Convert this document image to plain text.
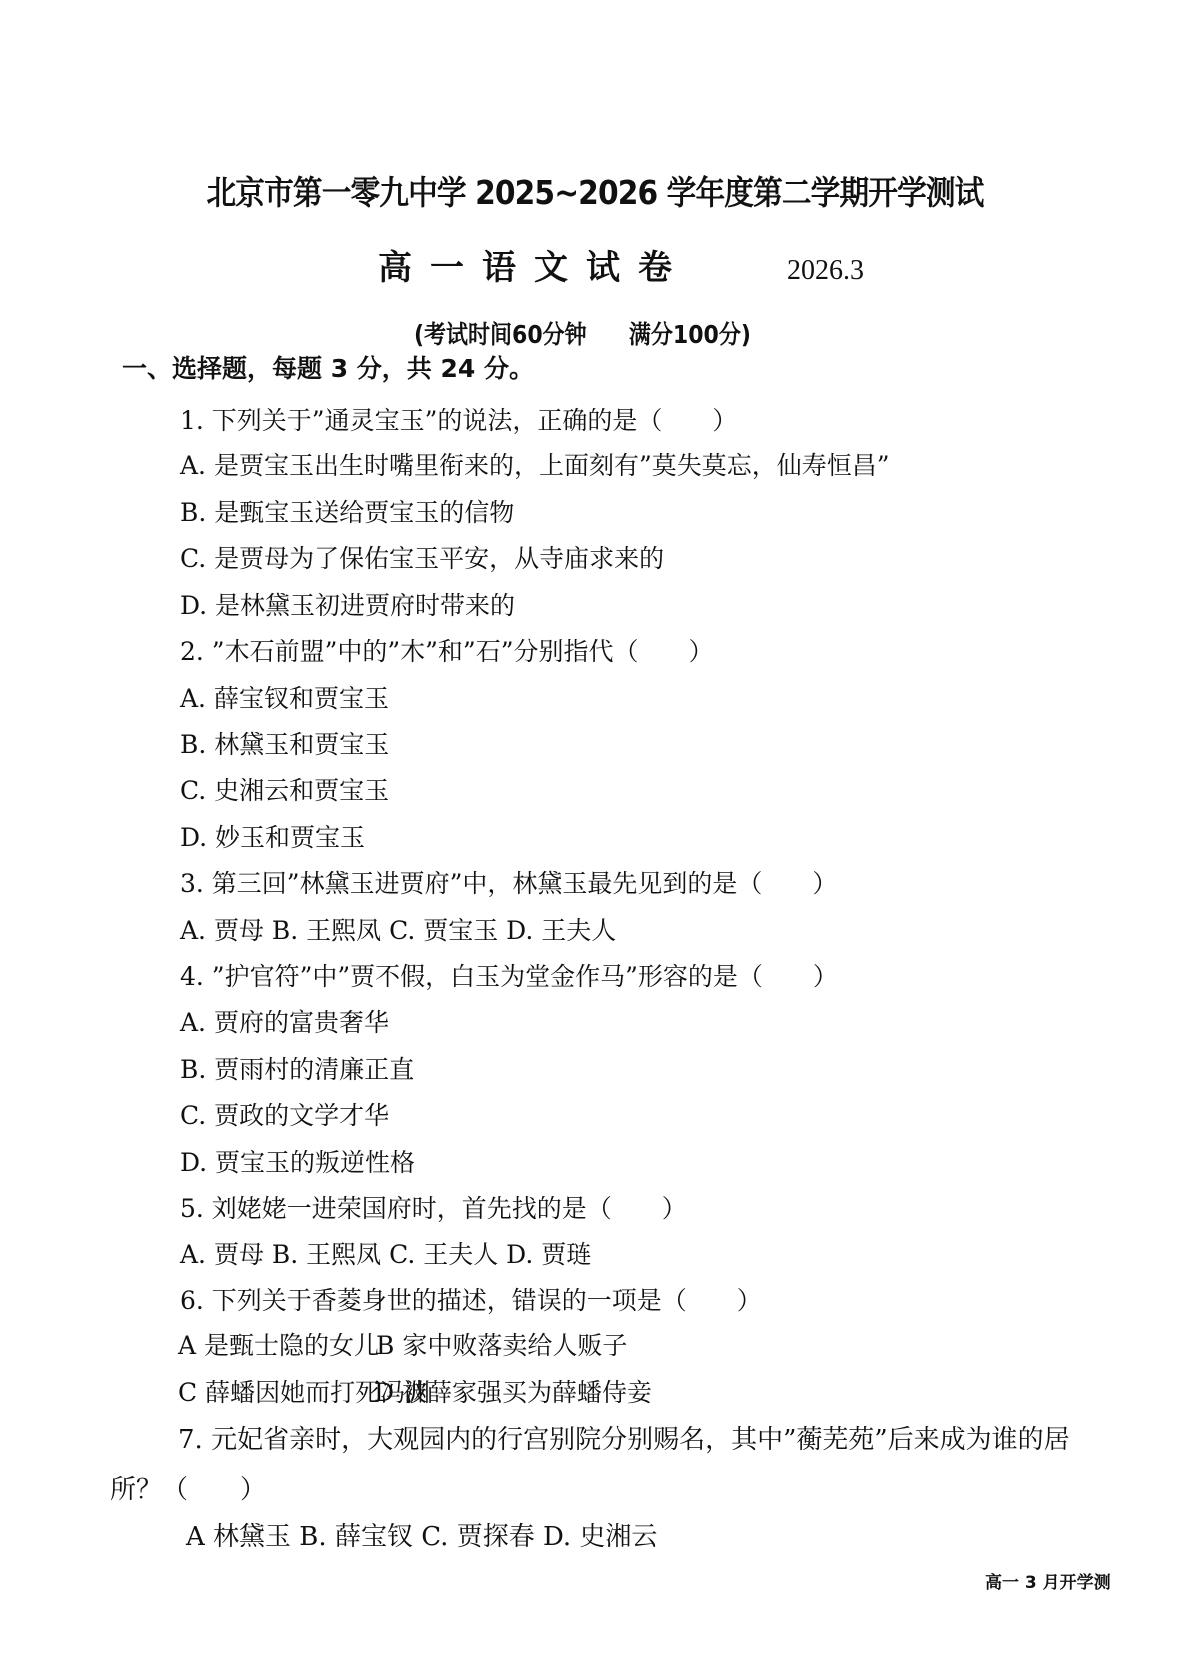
北京市第一零九中学 2025~2026 学年度第二学期开学测试
高一语文试卷	2026.3
(考试时间60分钟 满分100分)
一、选择题，每题 3 分，共 24 分。
1. 下列关于”通灵宝玉”的说法，正确的是（　　）
A. 是贾宝玉出生时嘴里衔来的，上面刻有”莫失莫忘，仙寿恒昌”
B. 是甄宝玉送给贾宝玉的信物
C. 是贾母为了保佑宝玉平安，从寺庙求来的
D. 是林黛玉初进贾府时带来的
2. ”木石前盟”中的”木”和”石”分别指代（　　）
A. 薛宝钗和贾宝玉
B. 林黛玉和贾宝玉
C. 史湘云和贾宝玉
D. 妙玉和贾宝玉
3. 第三回”林黛玉进贾府”中，林黛玉最先见到的是（　　）
A. 贾母 B. 王熙凤 C. 贾宝玉 D. 王夫人
4. ”护官符”中”贾不假，白玉为堂金作马”形容的是（　　）
A. 贾府的富贵奢华
B. 贾雨村的清廉正直
C. 贾政的文学才华
D. 贾宝玉的叛逆性格
5. 刘姥姥一进荣国府时，首先找的是（　　）
A. 贾母 B. 王熙凤 C. 王夫人 D. 贾琏
6. 下列关于香菱身世的描述，错误的一项是（　　）
A 是甄士隐的女儿
B 家中败落卖给人贩子
C 薛蟠因她而打死冯渊
D 被薛家强买为薛蟠侍妾
7. 元妃省亲时，大观园内的行宫别院分别赐名，其中”蘅芜苑”后来成为谁的居
所？（　　）
A 林黛玉 B. 薛宝钗 C. 贾探春 D. 史湘云
高一 3 月开学测
